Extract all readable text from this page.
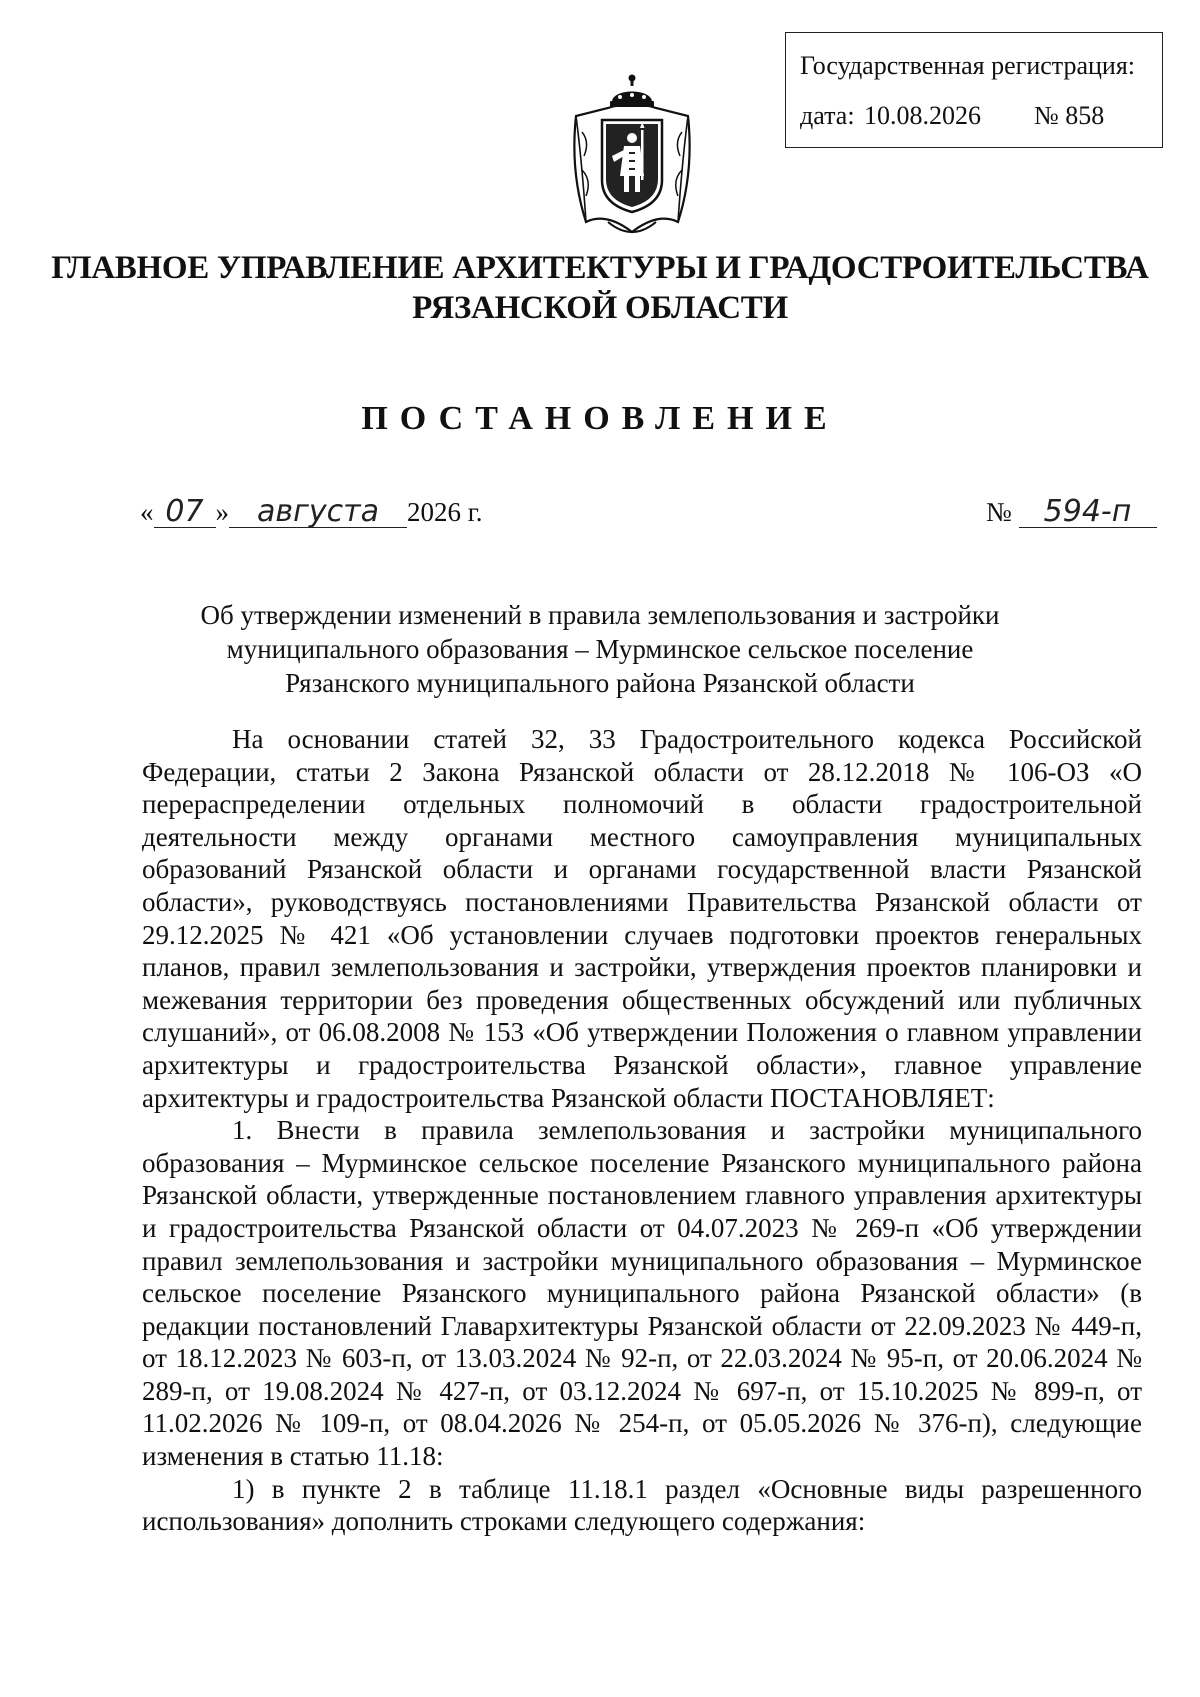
Государственная регистрация:
дата: 10.08.2026 № 858
ГЛАВНОЕ УПРАВЛЕНИЕ АРХИТЕКТУРЫ И ГРАДОСТРОИТЕЛЬСТВА
РЯЗАНСКОЙ ОБЛАСТИ
ПОСТАНОВЛЕНИЕ
« 07 » августа 2026 г.	№ 594-п
Об утверждении изменений в правила землепользования и застройки
муниципального образования – Мурминское сельское поселение
Рязанского муниципального района Рязанской области

На основании статей 32, 33 Градостроительного кодекса Российской Федерации, статьи 2 Закона Рязанской области от 28.12.2018 № 106-ОЗ «О перераспределении отдельных полномочий в области градостроительной деятельности между органами местного самоуправления муниципальных образований Рязанской области и органами государственной власти Рязанской области», руководствуясь постановлениями Правительства Рязанской области от 29.12.2025 № 421 «Об установлении случаев подготовки проектов генеральных планов, правил землепользования и застройки, утверждения проектов планировки и межевания территории без проведения общественных обсуждений или публичных слушаний», от 06.08.2008 № 153 «Об утверждении Положения о главном управлении архитектуры и градостроительства Рязанской области», главное управление архитектуры и градостроительства Рязанской области ПОСТАНОВЛЯЕТ:

1. Внести в правила землепользования и застройки муниципального образования – Мурминское сельское поселение Рязанского муниципального района Рязанской области, утвержденные постановлением главного управления архитектуры и градостроительства Рязанской области от 04.07.2023 № 269-п «Об утверждении правил землепользования и застройки муниципального образования – Мурминское сельское поселение Рязанского муниципального района Рязанской области» (в редакции постановлений Главархитектуры Рязанской области от 22.09.2023 № 449-п, от 18.12.2023 № 603-п, от 13.03.2024 № 92-п, от 22.03.2024 № 95-п, от 20.06.2024 № 289-п, от 19.08.2024 № 427-п, от 03.12.2024 № 697-п, от 15.10.2025 № 899-п, от 11.02.2026 № 109-п, от 08.04.2026 № 254-п, от 05.05.2026 № 376-п), следующие изменения в статью 11.18:

1) в пункте 2 в таблице 11.18.1 раздел «Основные виды разрешенного использования» дополнить строками следующего содержания:
